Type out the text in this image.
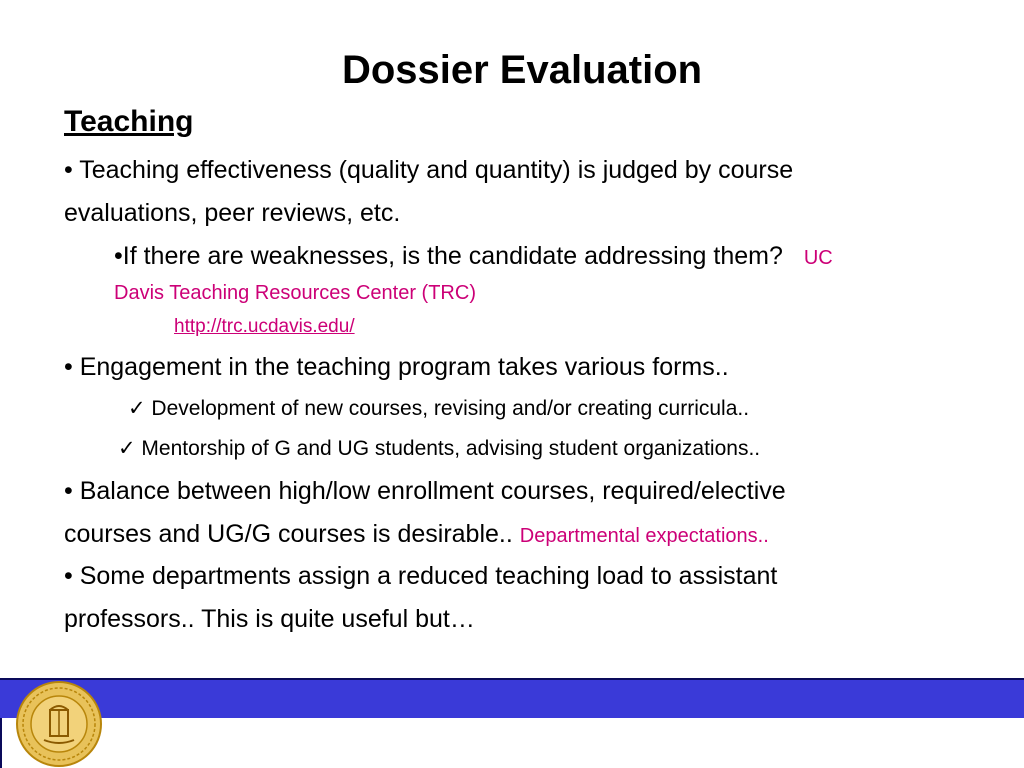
Dossier Evaluation
Teaching
• Teaching effectiveness (quality and quantity) is judged by course
evaluations, peer reviews, etc.
•If there are weaknesses, is the candidate addressing them? UC
Davis Teaching Resources Center (TRC)
http://trc.ucdavis.edu/
• Engagement in the teaching program takes various forms..
✓ Development of new courses, revising and/or creating curricula..
✓ Mentorship of G and UG students, advising student organizations..
• Balance between high/low enrollment courses, required/elective
courses and UG/G courses is desirable.. Departmental expectations..
• Some departments assign a reduced teaching load to assistant
professors.. This is quite useful but…
